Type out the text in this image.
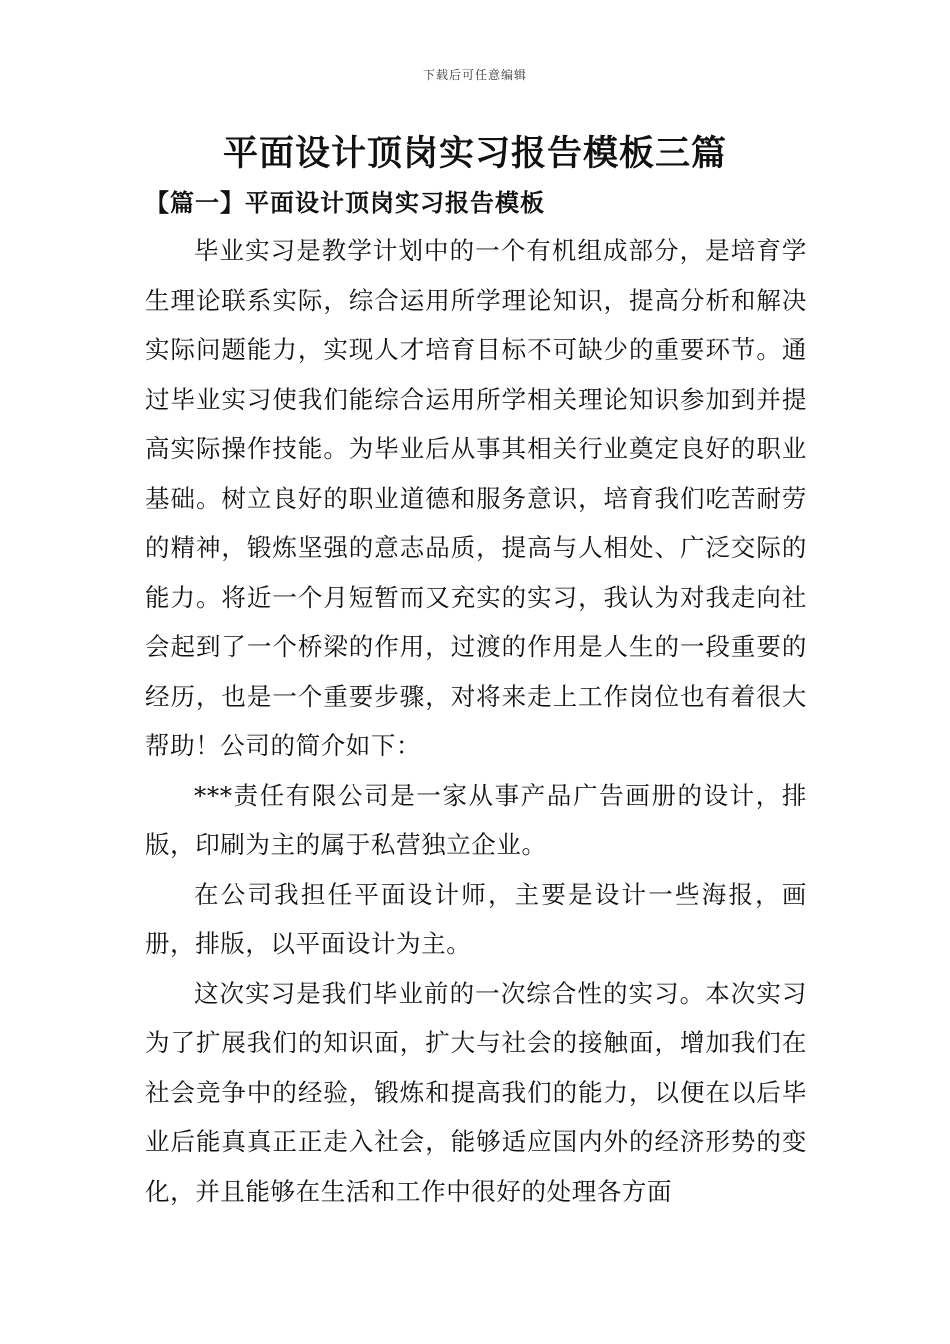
下载后可任意编辑
平面设计顶岗实习报告模板三篇
【篇一】平面设计顶岗实习报告模板

毕业实习是教学计划中的一个有机组成部分，是培育学生理论联系实际，综合运用所学理论知识，提高分析和解决实际问题能力，实现人才培育目标不可缺少的重要环节。通过毕业实习使我们能综合运用所学相关理论知识参加到并提高实际操作技能。为毕业后从事其相关行业奠定良好的职业基础。树立良好的职业道德和服务意识，培育我们吃苦耐劳的精神，锻炼坚强的意志品质，提高与人相处、广泛交际的能力。将近一个月短暂而又充实的实习，我认为对我走向社会起到了一个桥梁的作用，过渡的作用是人生的一段重要的经历，也是一个重要步骤，对将来走上工作岗位也有着很大帮助！公司的简介如下：

***责任有限公司是一家从事产品广告画册的设计，排版，印刷为主的属于私营独立企业。

在公司我担任平面设计师，主要是设计一些海报，画册，排版，以平面设计为主。

这次实习是我们毕业前的一次综合性的实习。本次实习为了扩展我们的知识面，扩大与社会的接触面，增加我们在社会竞争中的经验，锻炼和提高我们的能力，以便在以后毕业后能真真正正走入社会，能够适应国内外的经济形势的变化，并且能够在生活和工作中很好的处理各方面
